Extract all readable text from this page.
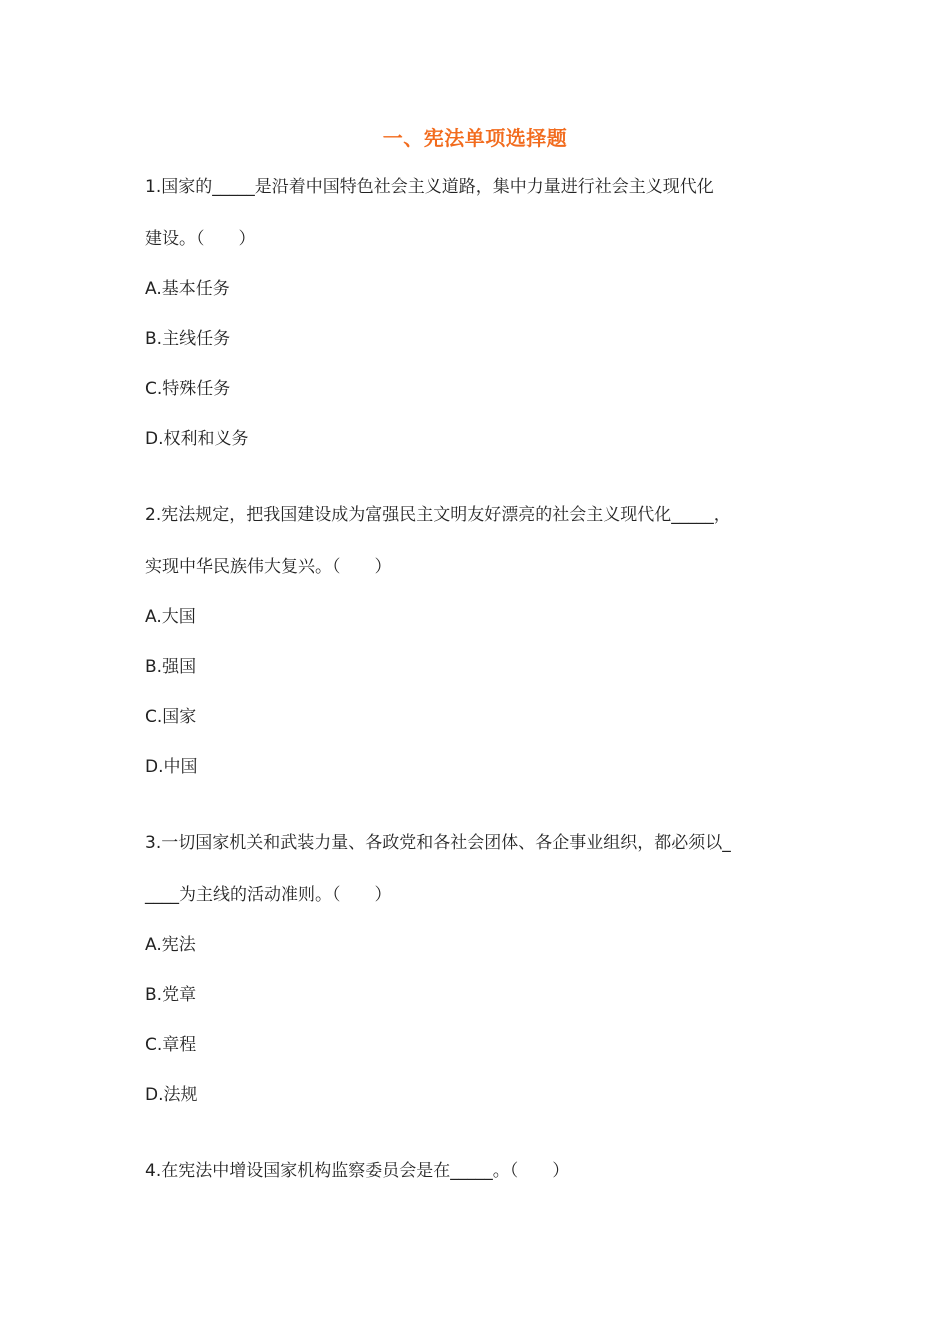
一、宪法单项选择题
1.国家的_____是沿着中国特色社会主义道路，集中力量进行社会主义现代化
建设。（　　）
A.基本任务
B.主线任务
C.特殊任务
D.权利和义务
2.宪法规定，把我国建设成为富强民主文明友好漂亮的社会主义现代化_____，
实现中华民族伟大复兴。（　　）
A.大国
B.强国
C.国家
D.中国
3.一切国家机关和武装力量、各政党和各社会团体、各企事业组织，都必须以_
____为主线的活动准则。（　　）
A.宪法
B.党章
C.章程
D.法规
4.在宪法中增设国家机构监察委员会是在_____。（　　）
